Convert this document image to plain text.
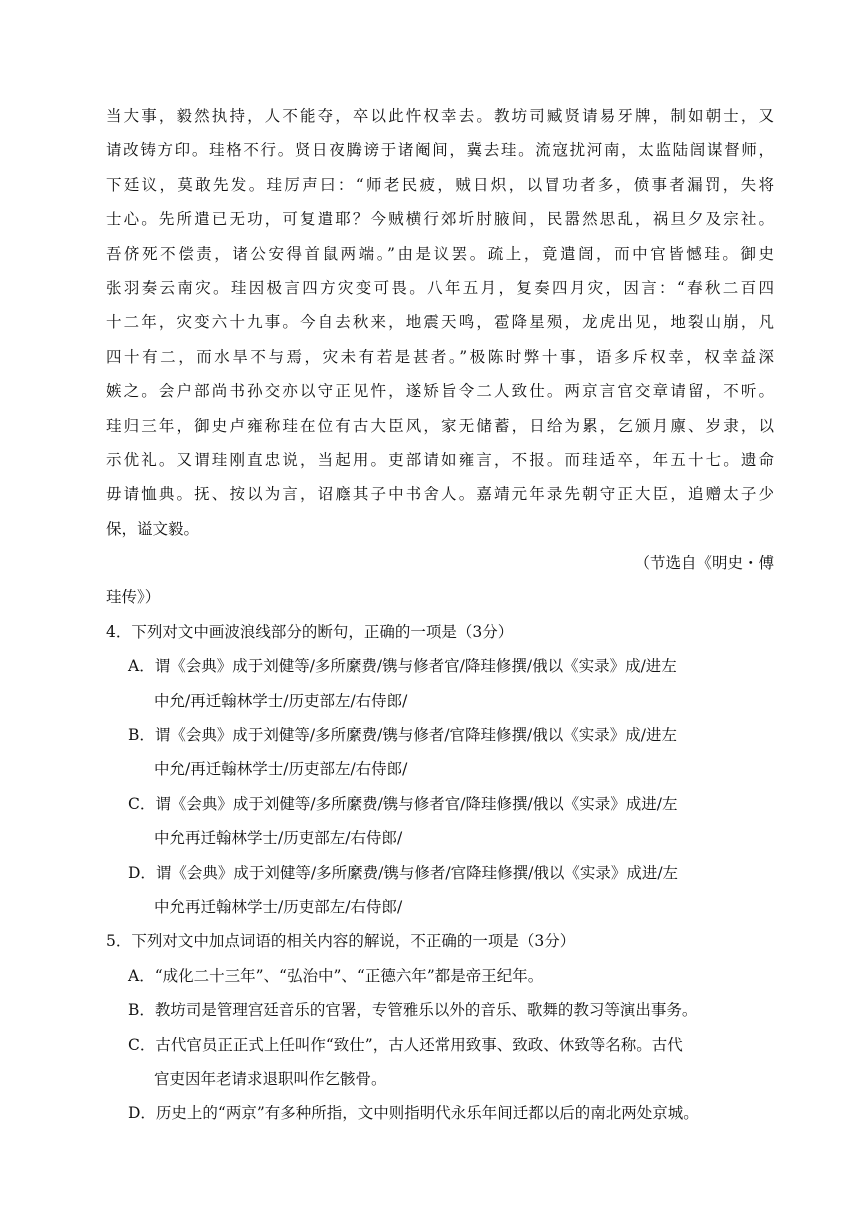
当大事，毅然执持，人不能夺，卒以此忤权幸去。教坊司臧贤请易牙牌，制如朝士，又
请改铸方印。珪格不行。贤日夜腾谤于诸阉间，冀去珪。流寇扰河南，太监陆訚谋督师，
下廷议，莫敢先发。珪厉声曰：“师老民疲，贼日炽，以冒功者多，偾事者漏罚，失将
士心。先所遣已无功，可复遣耶？今贼横行郊圻肘腋间，民嚣然思乱，祸旦夕及宗社。
吾侪死不偿责，诸公安得首鼠两端。”由是议罢。疏上，竟遣訚，而中官皆憾珪。御史
张羽奏云南灾。珪因极言四方灾变可畏。八年五月，复奏四月灾，因言：“春秋二百四
十二年，灾变六十九事。今自去秋来，地震天鸣，雹降星殒，龙虎出见，地裂山崩，凡
四十有二，而水旱不与焉，灾未有若是甚者。”极陈时弊十事，语多斥权幸，权幸益深
嫉之。会户部尚书孙交亦以守正见忤，遂矫旨令二人致仕。两京言官交章请留，不听。
珪归三年，御史卢雍称珪在位有古大臣风，家无储蓄，日给为累，乞颁月廪、岁隶，以
示优礼。又谓珪刚直忠说，当起用。吏部请如雍言，不报。而珪适卒，年五十七。遗命
毋请恤典。抚、按以为言，诏廕其子中书舍人。嘉靖元年录先朝守正大臣，追赠太子少
保，谥文毅。
（节选自《明史・傅
珪传》）
4．下列对文中画波浪线部分的断句，正确的一项是（3分）
A．谓《会典》成于刘健等/多所縻费/镌与修者官/降珪修撰/俄以《实录》成/进左
中允/再迁翰林学士/历吏部左/右侍郎/
B．谓《会典》成于刘健等/多所縻费/镌与修者/官降珪修撰/俄以《实录》成/进左
中允/再迁翰林学士/历吏部左/右侍郎/
C．谓《会典》成于刘健等/多所縻费/镌与修者官/降珪修撰/俄以《实录》成进/左
中允再迁翰林学士/历吏部左/右侍郎/
D．谓《会典》成于刘健等/多所縻费/镌与修者/官降珪修撰/俄以《实录》成进/左
中允再迁翰林学士/历吏部左/右侍郎/
5．下列对文中加点词语的相关内容的解说，不正确的一项是（3分）
A．“成化二十三年”、“弘治中”、“正德六年”都是帝王纪年。
B．教坊司是管理宫廷音乐的官署，专管雅乐以外的音乐、歌舞的教习等演出事务。
C．古代官员正正式上任叫作“致仕”，古人还常用致事、致政、休致等名称。古代
官吏因年老请求退职叫作乞骸骨。
D．历史上的“两京”有多种所指，文中则指明代永乐年间迁都以后的南北两处京城。
